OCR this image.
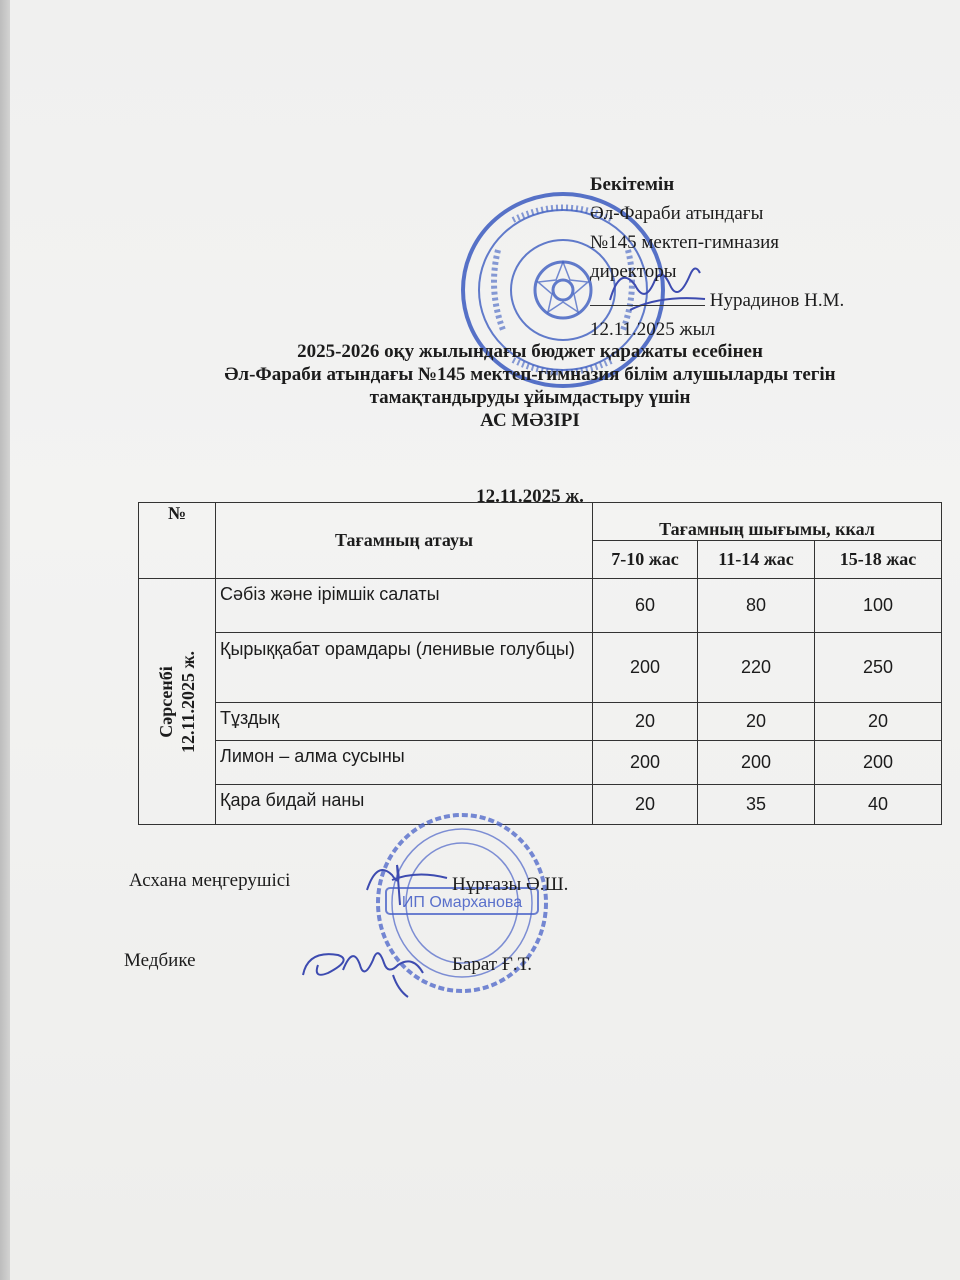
Бекітемін
Әл-Фараби атындағы
№145 мектеп-гимназия
директоры
Нурадинов Н.М.
12.11.2025 жыл
2025-2026 оқу жылындағы бюджет қаражаты есебінен
Әл-Фараби атындағы №145 мектеп-гимназия білім алушыларды тегін
тамақтандыруды ұйымдастыру үшін
АС МӘЗІРІ
12.11.2025 ж.
№	Тағамның атауы	Тағамның шығымы, ккал		
		7-10 жас	11-14 жас	15-18 жас

Сәрсенбі 12.11.2025 ж.	Сәбіз және ірімшік салаты	60	80	100
	Қырыққабат орамдары (ленивые голубцы)	200	220	250
	Тұздық	20	20	20
	Лимон – алма сусыны	200	200	200
	Қара бидай наны	20	35	40
ИП Омарханова
Асхана меңгерушісі	Нұрғазы Ә.Ш.
Медбике	Барат Ғ.Т.
